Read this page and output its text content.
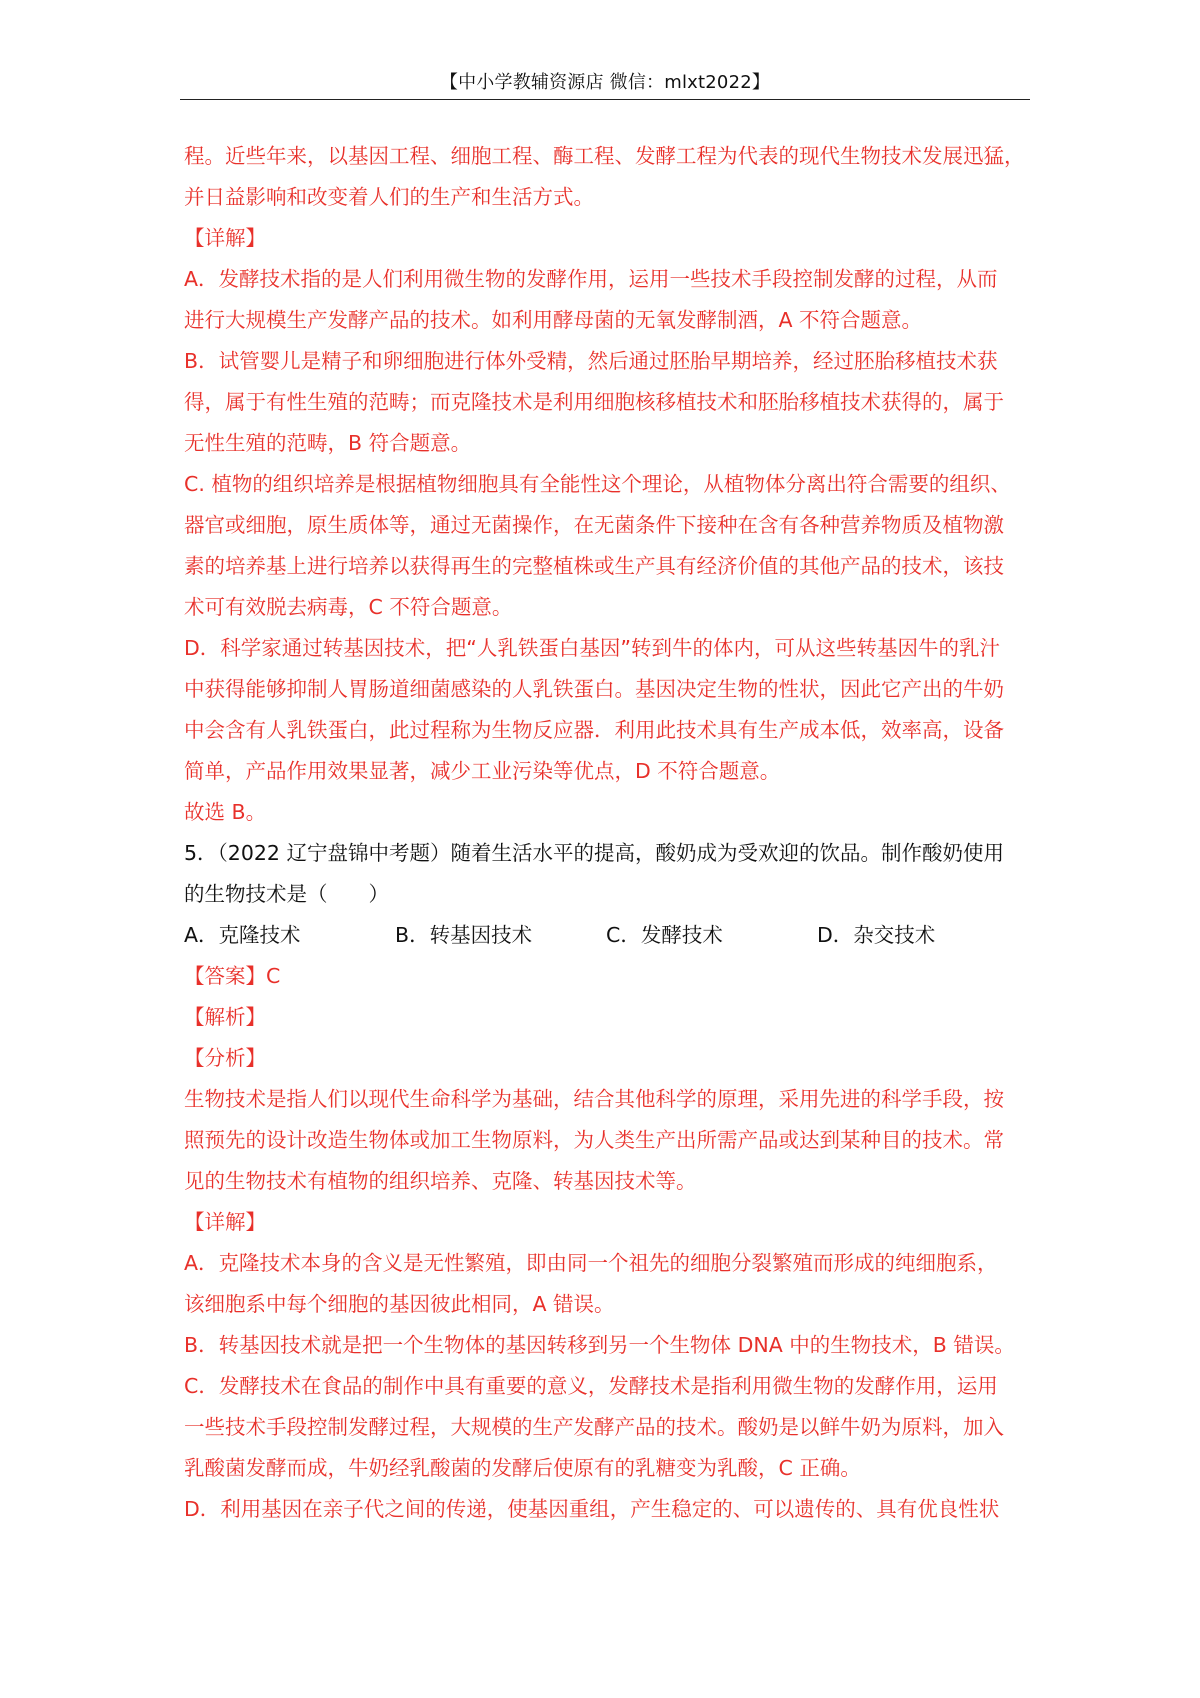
【中小学教辅资源店 微信：mlxt2022】
程。近些年来，以基因工程、细胞工程、酶工程、发酵工程为代表的现代生物技术发展迅猛，
并日益影响和改变着人们的生产和生活方式。
【详解】
A．发酵技术指的是人们利用微生物的发酵作用，运用一些技术手段控制发酵的过程，从而
进行大规模生产发酵产品的技术。如利用酵母菌的无氧发酵制酒，A 不符合题意。
B．试管婴儿是精子和卵细胞进行体外受精，然后通过胚胎早期培养，经过胚胎移植技术获
得，属于有性生殖的范畴；而克隆技术是利用细胞核移植技术和胚胎移植技术获得的，属于
无性生殖的范畴，B 符合题意。
C. 植物的组织培养是根据植物细胞具有全能性这个理论，从植物体分离出符合需要的组织、
器官或细胞，原生质体等，通过无菌操作，在无菌条件下接种在含有各种营养物质及植物激
素的培养基上进行培养以获得再生的完整植株或生产具有经济价值的其他产品的技术，该技
术可有效脱去病毒，C 不符合题意。
D．科学家通过转基因技术，把“人乳铁蛋白基因”转到牛的体内，可从这些转基因牛的乳汁
中获得能够抑制人胃肠道细菌感染的人乳铁蛋白。基因决定生物的性状，因此它产出的牛奶
中会含有人乳铁蛋白，此过程称为生物反应器．利用此技术具有生产成本低，效率高，设备
简单，产品作用效果显著，减少工业污染等优点，D 不符合题意。
故选 B。
5．（2022 辽宁盘锦中考题）随着生活水平的提高，酸奶成为受欢迎的饮品。制作酸奶使用
的生物技术是（　　）
A．克隆技术	B．转基因技术	C．发酵技术	D．杂交技术
【答案】C
【解析】
【分析】
生物技术是指人们以现代生命科学为基础，结合其他科学的原理，采用先进的科学手段，按
照预先的设计改造生物体或加工生物原料，为人类生产出所需产品或达到某种目的技术。常
见的生物技术有植物的组织培养、克隆、转基因技术等。
【详解】
A．克隆技术本身的含义是无性繁殖，即由同一个祖先的细胞分裂繁殖而形成的纯细胞系，
该细胞系中每个细胞的基因彼此相同，A 错误。
B．转基因技术就是把一个生物体的基因转移到另一个生物体 DNA 中的生物技术，B 错误。
C．发酵技术在食品的制作中具有重要的意义，发酵技术是指利用微生物的发酵作用，运用
一些技术手段控制发酵过程，大规模的生产发酵产品的技术。酸奶是以鲜牛奶为原料，加入
乳酸菌发酵而成，牛奶经乳酸菌的发酵后使原有的乳糖变为乳酸，C 正确。
D．利用基因在亲子代之间的传递，使基因重组，产生稳定的、可以遗传的、具有优良性状
